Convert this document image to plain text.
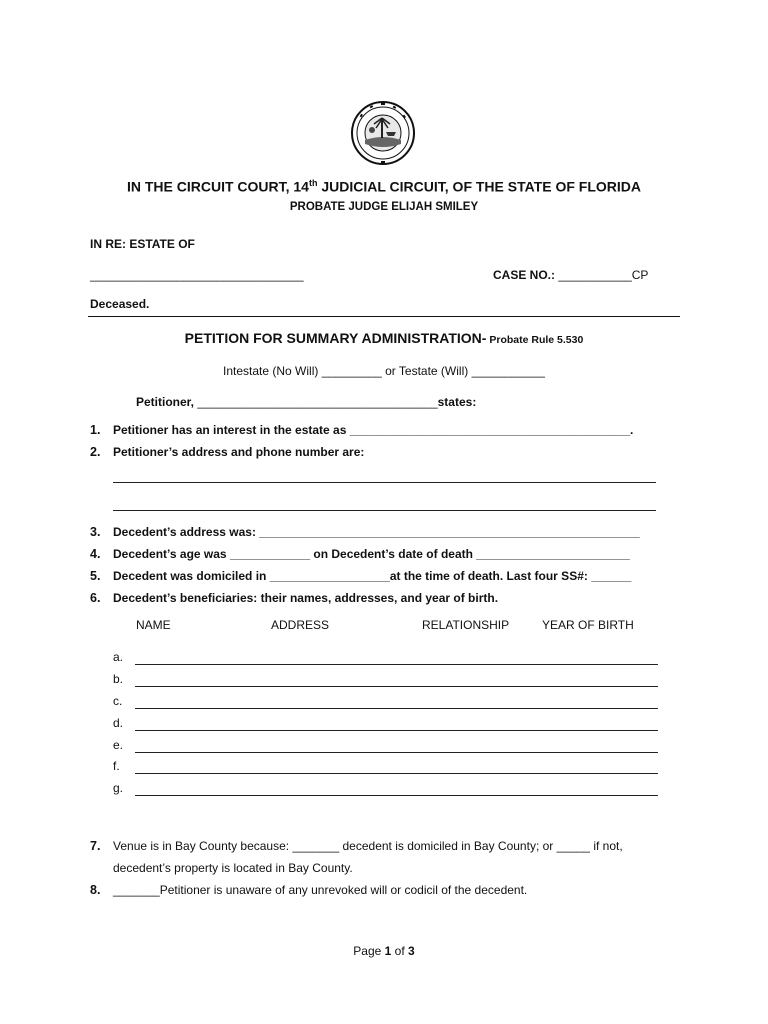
IN THE CIRCUIT COURT, 14th JUDICIAL CIRCUIT, OF THE STATE OF FLORIDA
PROBATE JUDGE ELIJAH SMILEY
IN RE: ESTATE OF
________________________________	CASE NO.: ___________CP
Deceased.
PETITION FOR SUMMARY ADMINISTRATION- Probate Rule 5.530
Intestate (No Will) _________ or Testate (Will) ___________
Petitioner, ____________________________________states:
1. Petitioner has an interest in the estate as __________________________________________.
2. Petitioner’s address and phone number are:
3. Decedent’s address was: _________________________________________________________
4. Decedent’s age was ____________ on Decedent’s date of death _______________________
5. Decedent was domiciled in __________________at the time of death. Last four SS#: ______
6. Decedent’s beneficiaries: their names, addresses, and year of birth.
NAME	ADDRESS	RELATIONSHIP	YEAR OF BIRTH
a.
b.
c.
d.
e.
f.
g.
7. Venue is in Bay County because: _______ decedent is domiciled in Bay County; or _____ if not,
decedent’s property is located in Bay County.
8. _______Petitioner is unaware of any unrevoked will or codicil of the decedent.
Page 1 of 3
